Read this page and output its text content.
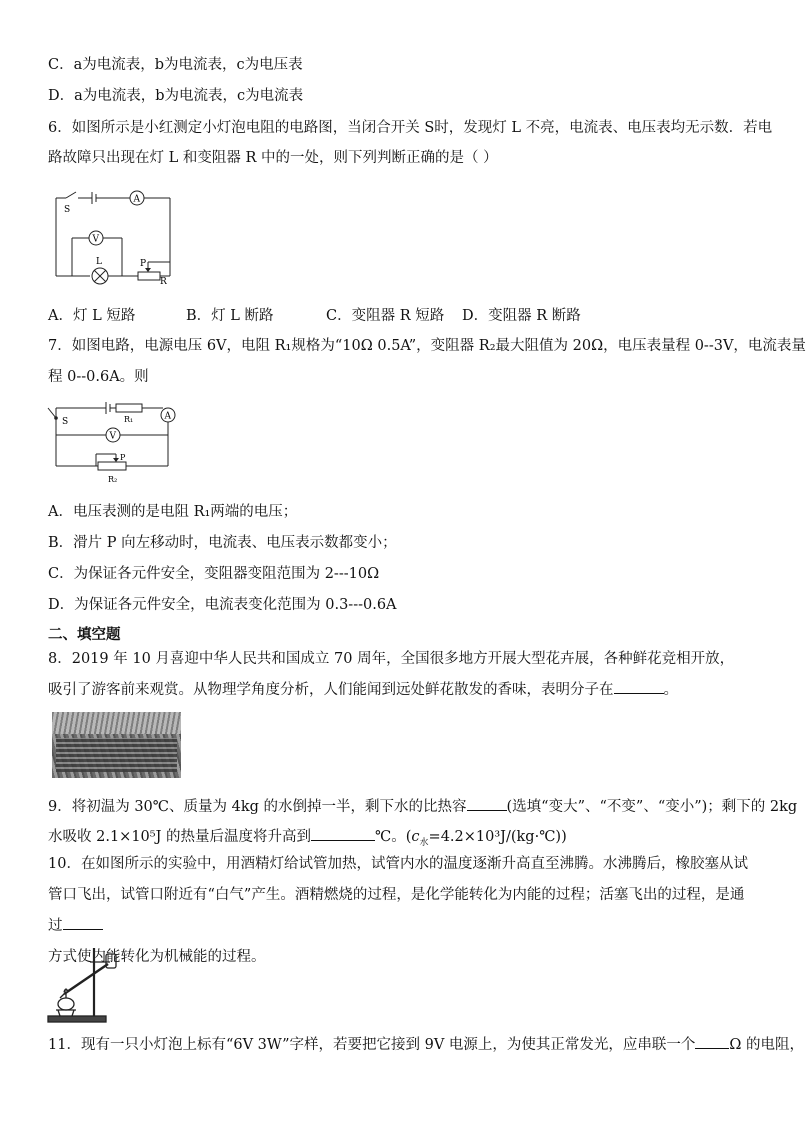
C．a为电流表，b为电流表，c为电压表
D．a为电流表，b为电流表，c为电流表
6．如图所示是小红测定小灯泡电阻的电路图，当闭合开关 S时，发现灯 L 不亮，电流表、电压表均无示数．若电
路故障只出现在灯 L 和变阻器 R 中的一处，则下列判断正确的是（ ）
S
A
V
L	P
R
A．灯 L 短路	B．灯 L 断路	C．变阻器 R 短路 D．变阻器 R 断路
7．如图电路，电源电压 6V，电阻 R₁规格为“10Ω 0.5A”，变阻器 R₂最大阻值为 20Ω，电压表量程 0--3V，电流表量
程 0--0.6A。则
S	R₁	A
V
P
R₂
A．电压表测的是电阻 R₁两端的电压；
B．滑片 P 向左移动时，电流表、电压表示数都变小；
C．为保证各元件安全，变阻器变阻范围为 2---10Ω
D．为保证各元件安全，电流表变化范围为 0.3---0.6A
二、填空题
8．2019 年 10 月喜迎中华人民共和国成立 70 周年，全国很多地方开展大型花卉展，各种鲜花竞相开放，吸引了游客前来观赏。从物理学角度分析，人们能闻到远处鲜花散发的香味，表明分子在	。
9．将初温为 30℃、质量为 4kg 的水倒掉一半，剩下水的比热容	(选填“变大”、“不变”、“变小”)；剩下的 2kg
水吸收 2.1×10⁵J 的热量后温度将升高到	℃。$(c_水=4.2\times 10^3J/(kg\cdot℃))$
10．在如图所示的实验中，用酒精灯给试管加热，试管内水的温度逐渐升高直至沸腾。水沸腾后，橡胶塞从试管口飞出，试管口附近有“白气”产生。酒精燃烧的过程，是化学能转化为内能的过程；活塞飞出的过程，是通过
方式使内能转化为机械能的过程。
11．现有一只小灯泡上标有“6V 3W”字样，若要把它接到 9V 电源上，为使其正常发光，应串联一个 Ω 的电阻，
